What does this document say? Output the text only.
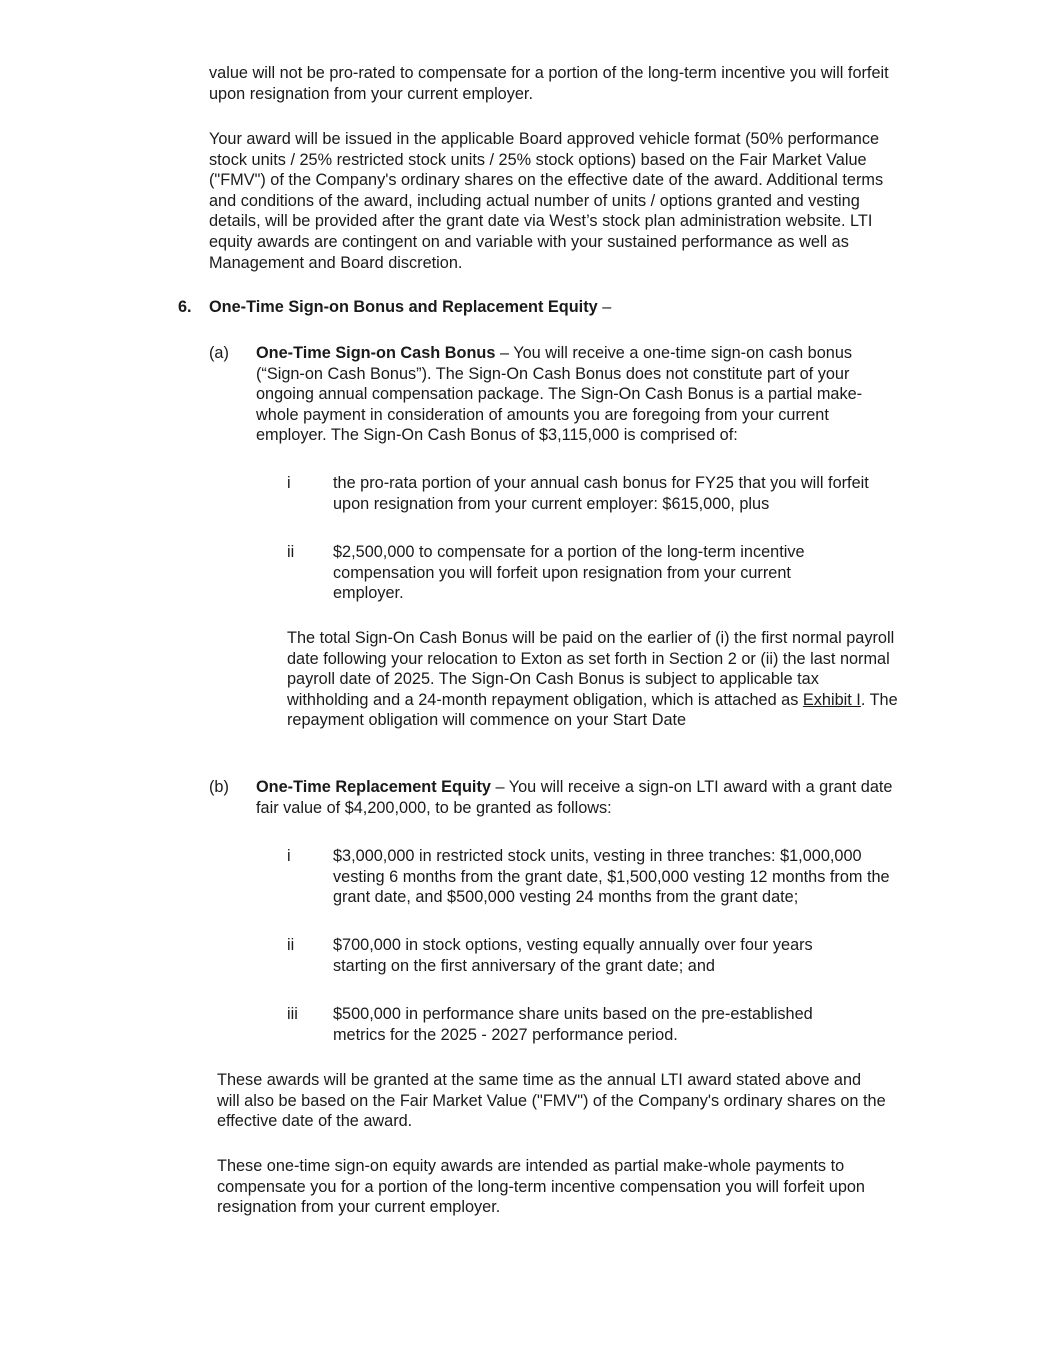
value will not be pro-rated to compensate for a portion of the long-term incentive you will forfeit upon resignation from your current employer.

Your award will be issued in the applicable Board approved vehicle format (50% performance stock units / 25% restricted stock units / 25% stock options) based on the Fair Market Value ("FMV") of the Company's ordinary shares on the effective date of the award. Additional terms and conditions of the award, including actual number of units / options granted and vesting details, will be provided after the grant date via West’s stock plan administration website. LTI equity awards are contingent on and variable with your sustained performance as well as Management and Board discretion.

6. One-Time Sign-on Bonus and Replacement Equity –
(a) One-Time Sign-on Cash Bonus – You will receive a one-time sign-on cash bonus (“Sign-on Cash Bonus”). The Sign-On Cash Bonus does not constitute part of your ongoing annual compensation package. The Sign-On Cash Bonus is a partial make-whole payment in consideration of amounts you are foregoing from your current employer. The Sign-On Cash Bonus of $3,115,000 is comprised of:

i	the pro-rata portion of your annual cash bonus for FY25 that you will forfeit upon resignation from your current employer: $615,000, plus

ii $2,500,000 to compensate for a portion of the long-term incentive compensation you will forfeit upon resignation from your current employer.

The total Sign-On Cash Bonus will be paid on the earlier of (i) the first normal payroll date following your relocation to Exton as set forth in Section 2 or (ii) the last normal payroll date of 2025. The Sign-On Cash Bonus is subject to applicable tax withholding and a 24-month repayment obligation, which is attached as Exhibit I. The repayment obligation will commence on your Start Date

(b) One-Time Replacement Equity – You will receive a sign-on LTI award with a grant date fair value of $4,200,000, to be granted as follows:

i	$3,000,000 in restricted stock units, vesting in three tranches: $1,000,000 vesting 6 months from the grant date, $1,500,000 vesting 12 months from the grant date, and $500,000 vesting 24 months from the grant date;

ii $700,000 in stock options, vesting equally annually over four years starting on the first anniversary of the grant date; and

iii $500,000 in performance share units based on the pre-established metrics for the 2025 - 2027 performance period.

These awards will be granted at the same time as the annual LTI award stated above and will also be based on the Fair Market Value ("FMV") of the Company's ordinary shares on the effective date of the award.

These one-time sign-on equity awards are intended as partial make-whole payments to compensate you for a portion of the long-term incentive compensation you will forfeit upon resignation from your current employer.
